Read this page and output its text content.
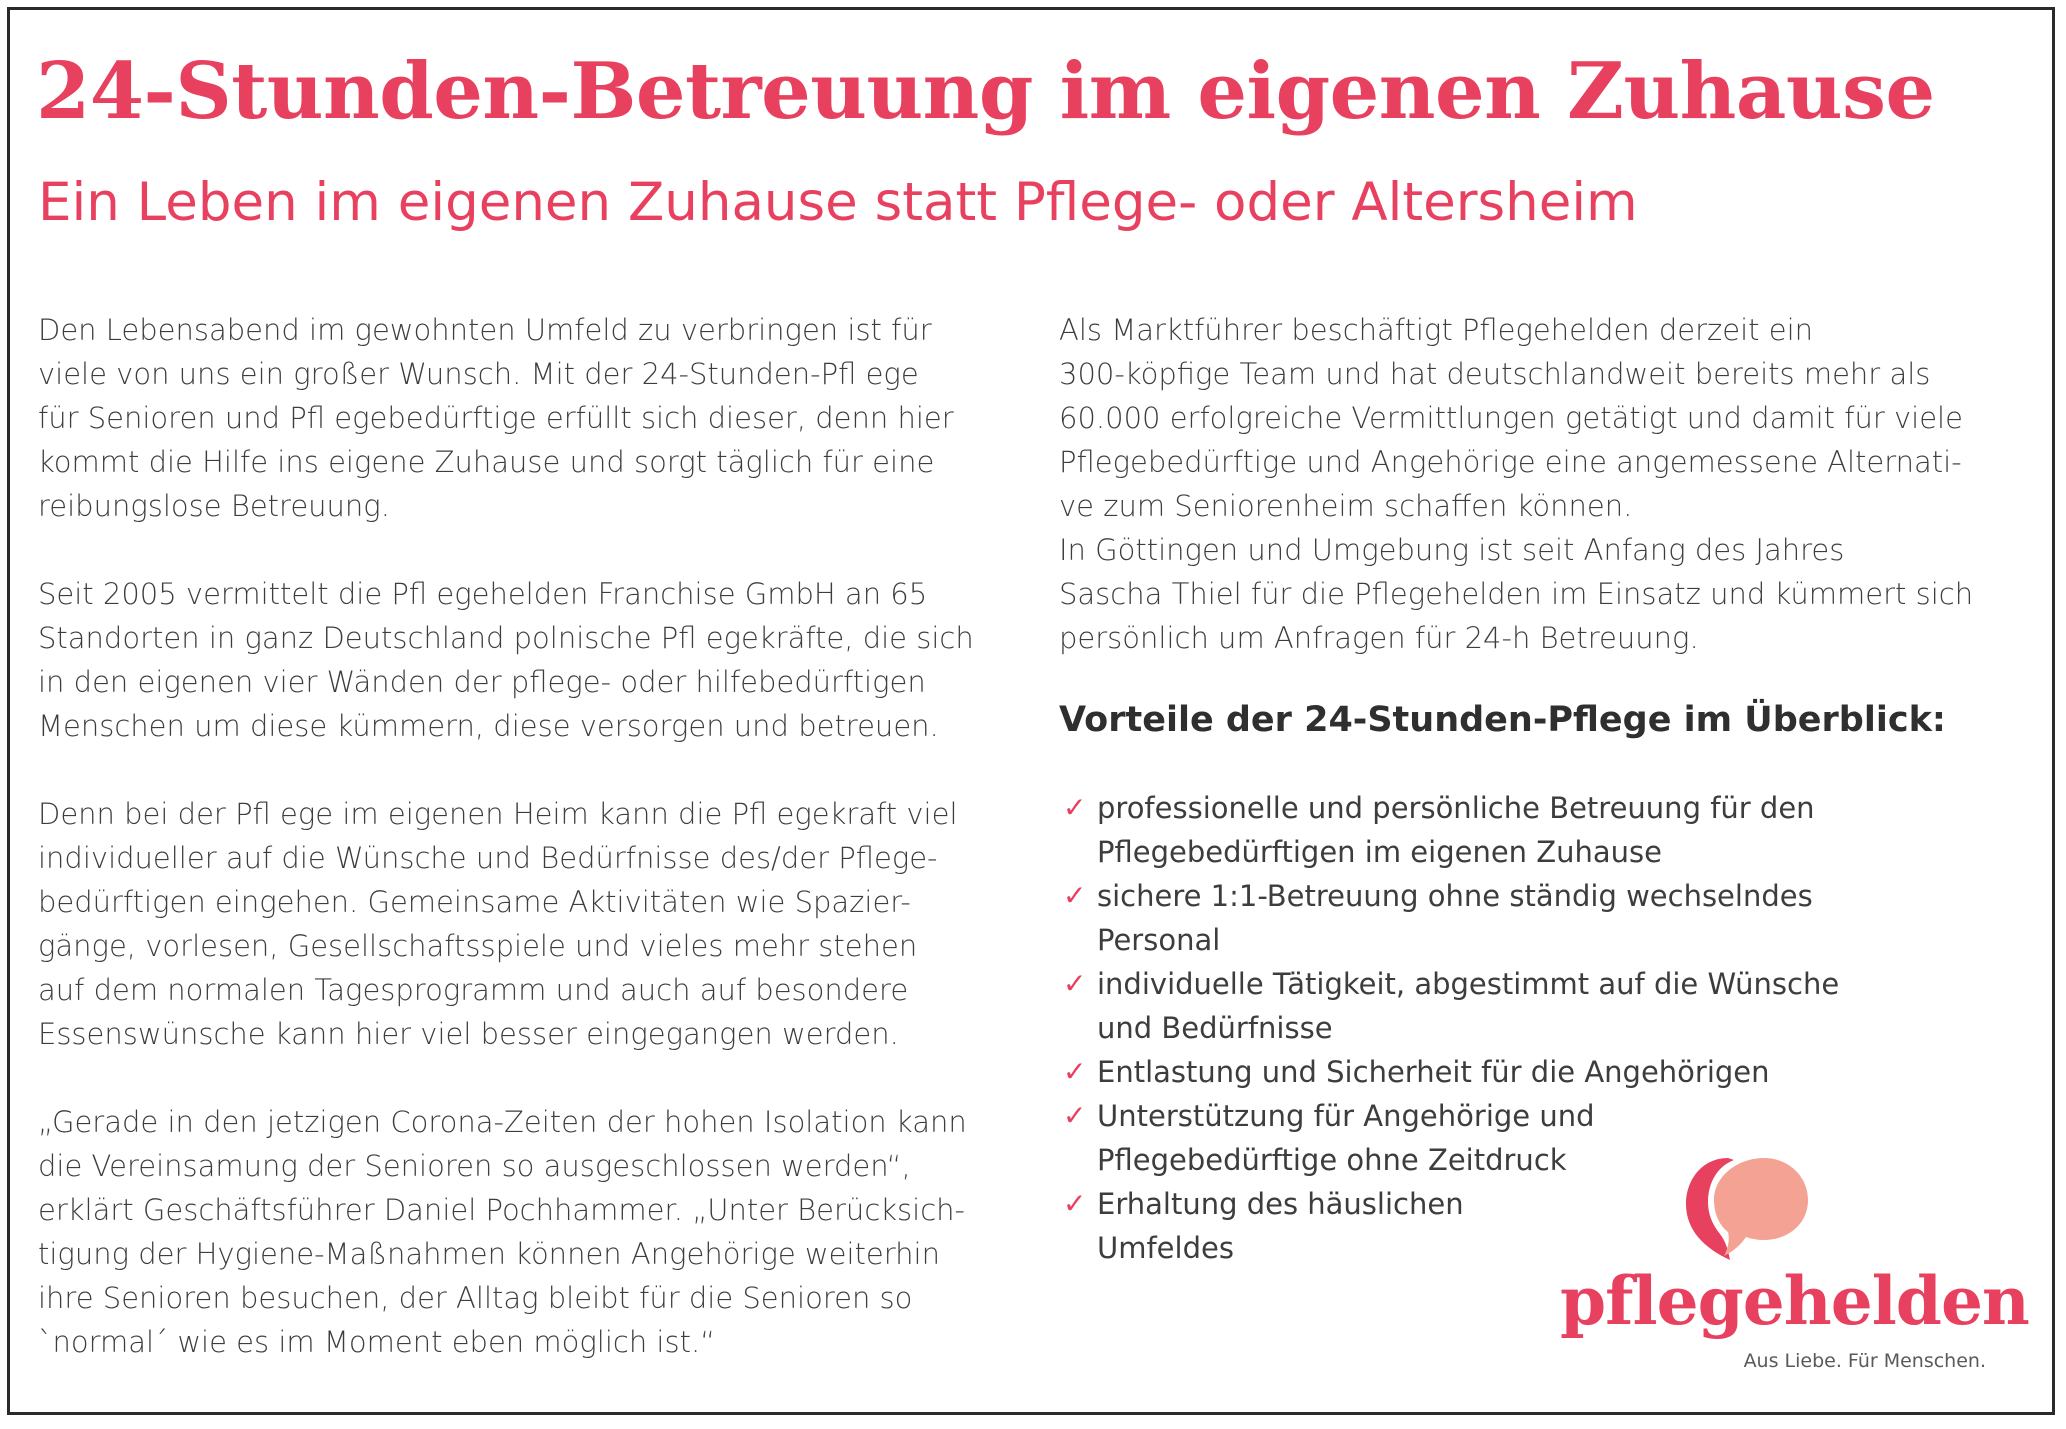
24-Stunden-Betreuung im eigenen Zuhause
Ein Leben im eigenen Zuhause statt Pflege- oder Altersheim

Den Lebensabend im gewohnten Umfeld zu verbringen ist für
viele von uns ein großer Wunsch. Mit der 24-Stunden-Pfl ege
für Senioren und Pfl egebedürftige erfüllt sich dieser, denn hier
kommt die Hilfe ins eigene Zuhause und sorgt täglich für eine
reibungslose Betreuung.

Seit 2005 vermittelt die Pfl egehelden Franchise GmbH an 65
Standorten in ganz Deutschland polnische Pfl egekräfte, die sich
in den eigenen vier Wänden der pflege- oder hilfebedürftigen
Menschen um diese kümmern, diese versorgen und betreuen.

Denn bei der Pfl ege im eigenen Heim kann die Pfl egekraft viel
individueller auf die Wünsche und Bedürfnisse des/der Pflege-
bedürftigen eingehen. Gemeinsame Aktivitäten wie Spazier-
gänge, vorlesen, Gesellschaftsspiele und vieles mehr stehen
auf dem normalen Tagesprogramm und auch auf besondere
Essenswünsche kann hier viel besser eingegangen werden.

„Gerade in den jetzigen Corona-Zeiten der hohen Isolation kann
die Vereinsamung der Senioren so ausgeschlossen werden“,
erklärt Geschäftsführer Daniel Pochhammer. „Unter Berücksich-
tigung der Hygiene-Maßnahmen können Angehörige weiterhin
ihre Senioren besuchen, der Alltag bleibt für die Senioren so
`normal´ wie es im Moment eben möglich ist.“

Als Marktführer beschäftigt Pflegehelden derzeit ein
300-köpfige Team und hat deutschlandweit bereits mehr als
60.000 erfolgreiche Vermittlungen getätigt und damit für viele
Pflegebedürftige und Angehörige eine angemessene Alternati-
ve zum Seniorenheim schaffen können.
In Göttingen und Umgebung ist seit Anfang des Jahres
Sascha Thiel für die Pflegehelden im Einsatz und kümmert sich
persönlich um Anfragen für 24-h Betreuung.

Vorteile der 24-Stunden-Pflege im Überblick:
✓ professionelle und persönliche Betreuung für den
Pflegebedürftigen im eigenen Zuhause
✓ sichere 1:1-Betreuung ohne ständig wechselndes
Personal
✓ individuelle Tätigkeit, abgestimmt auf die Wünsche
und Bedürfnisse
✓ Entlastung und Sicherheit für die Angehörigen
✓ Unterstützung für Angehörige und
Pflegebedürftige ohne Zeitdruck
✓ Erhaltung des häuslichen
Umfeldes
pflegehelden
Aus Liebe. Für Menschen.
